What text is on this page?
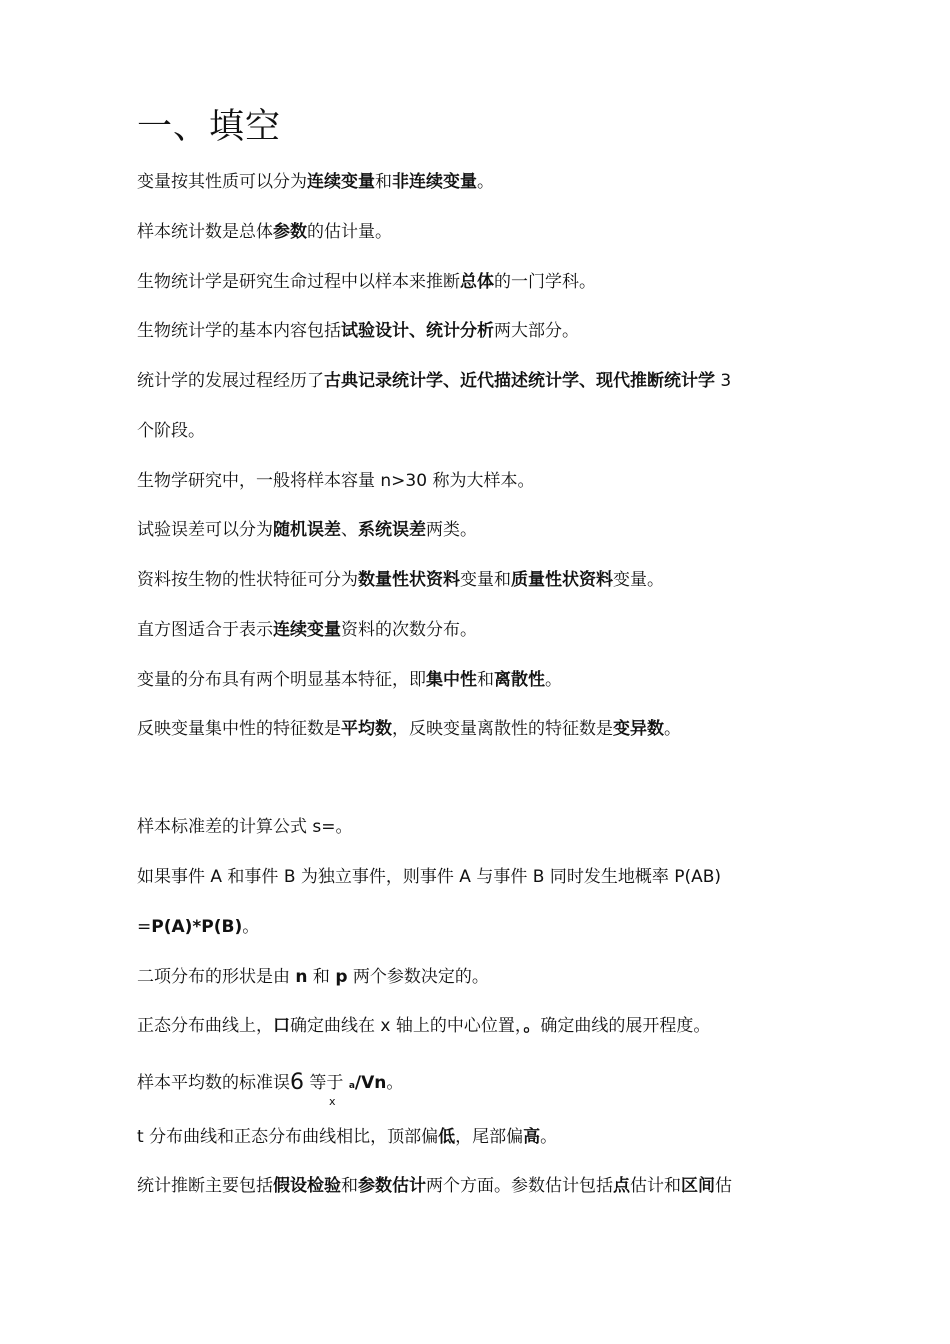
一、填空
变量按其性质可以分为连续变量和非连续变量。
样本统计数是总体参数的估计量。
生物统计学是研究生命过程中以样本来推断总体的一门学科。
生物统计学的基本内容包括试验设计、统计分析两大部分。
统计学的发展过程经历了古典记录统计学、近代描述统计学、现代推断统计学 3
个阶段。
生物学研究中，一般将样本容量 n>30 称为大样本。
试验误差可以分为随机误差、系统误差两类。
资料按生物的性状特征可分为数量性状资料变量和质量性状资料变量。
直方图适合于表示连续变量资料的次数分布。
变量的分布具有两个明显基本特征，即集中性和离散性。
反映变量集中性的特征数是平均数，反映变量离散性的特征数是变异数。
样本标准差的计算公式 s=。
如果事件 A 和事件 B 为独立事件，则事件 A 与事件 B 同时发生地概率 P(AB)
=P(A)*P(B)。
二项分布的形状是由 n 和 p 两个参数决定的。
正态分布曲线上，口确定曲线在 x 轴上的中心位置，。确定曲线的展开程度。
样本平均数的标准误6 等于 a/Vn。
x
t 分布曲线和正态分布曲线相比，顶部偏低，尾部偏高。
统计推断主要包括假设检验和参数估计两个方面。参数估计包括点估计和区间估
